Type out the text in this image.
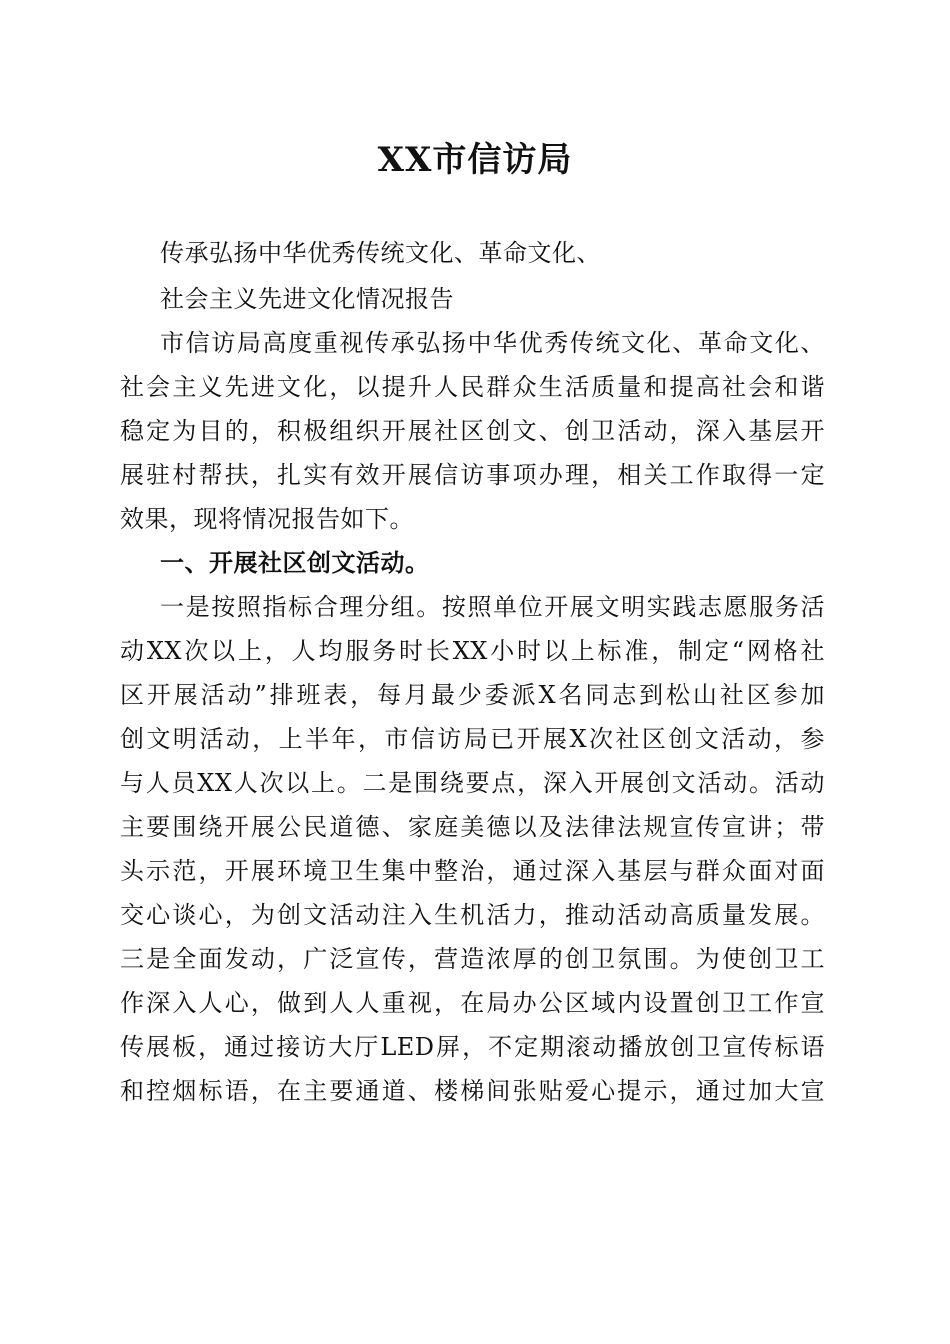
XX市信访局
传承弘扬中华优秀传统文化、革命文化、
社会主义先进文化情况报告
市信访局高度重视传承弘扬中华优秀传统文化、革命文化、
社会主义先进文化，以提升人民群众生活质量和提高社会和谐
稳定为目的，积极组织开展社区创文、创卫活动，深入基层开
展驻村帮扶，扎实有效开展信访事项办理，相关工作取得一定
效果，现将情况报告如下。
一、开展社区创文活动。
一是按照指标合理分组。按照单位开展文明实践志愿服务活
动XX次以上，人均服务时长XX小时以上标准，制定“网格社
区开展活动”排班表，每月最少委派X名同志到松山社区参加
创文明活动，上半年，市信访局已开展X次社区创文活动，参
与人员XX人次以上。二是围绕要点，深入开展创文活动。活动
主要围绕开展公民道德、家庭美德以及法律法规宣传宣讲；带
头示范，开展环境卫生集中整治，通过深入基层与群众面对面
交心谈心，为创文活动注入生机活力，推动活动高质量发展。
三是全面发动，广泛宣传，营造浓厚的创卫氛围。为使创卫工
作深入人心，做到人人重视，在局办公区域内设置创卫工作宣
传展板，通过接访大厅LED屏，不定期滚动播放创卫宣传标语
和控烟标语，在主要通道、楼梯间张贴爱心提示，通过加大宣
